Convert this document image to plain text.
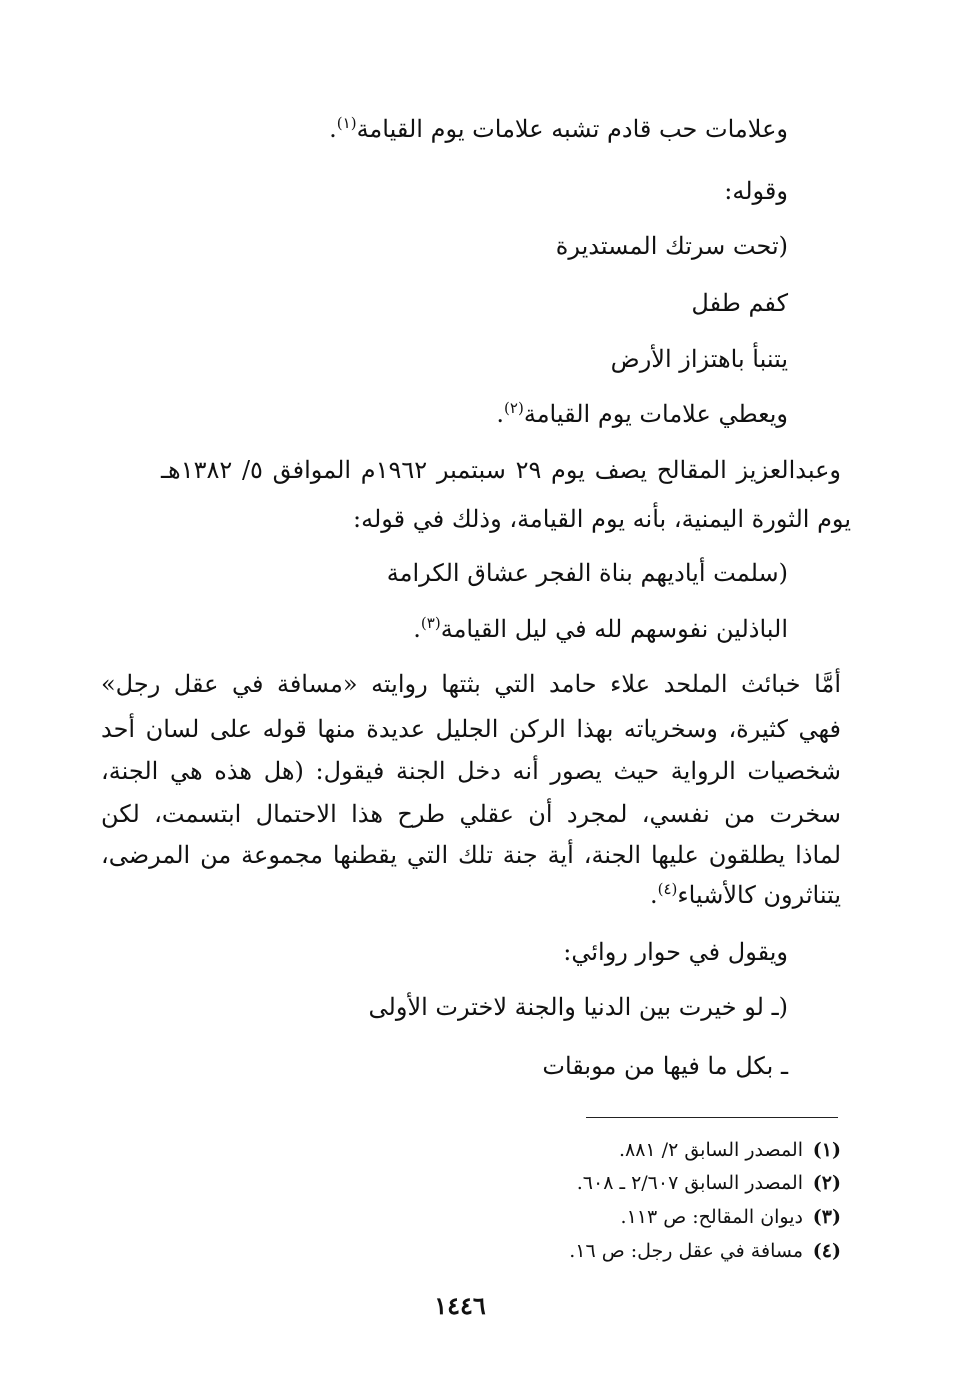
وعلامات حب قادم تشبه علامات يوم القيامة$^{(١)}$.
وقوله:
(تحت سرتك المستديرة
كفم طفل
يتنبأ باهتزاز الأرض
ويعطي علامات يوم القيامة$^{(٢)}$.
وعبدالعزيز المقالح يصف يوم ٢٩ سبتمبر ١٩٦٢م الموافق ٥/ ١٣٨٢هـ
يوم الثورة اليمنية، بأنه يوم القيامة، وذلك في قوله:
(سلمت أياديهم بناة الفجر عشاق الكرامة
الباذلين نفوسهم لله في ليل القيامة$^{(٣)}$.
أمَّا خبائث الملحد علاء حامد التي بثتها روايته «مسافة في عقل رجل»
فهي كثيرة، وسخرياته بهذا الركن الجليل عديدة منها قوله على لسان أحد
شخصيات الرواية حيث يصور أنه دخل الجنة فيقول: (هل هذه هي الجنة،
سخرت من نفسي، لمجرد أن عقلي طرح هذا الاحتمال ابتسمت، لكن
لماذا يطلقون عليها الجنة، أية جنة تلك التي يقطنها مجموعة من المرضى،
يتناثرون كالأشياء$^{(٤)}$.
ويقول في حوار روائي:
(ـ لو خيرت بين الدنيا والجنة لاخترت الأولى
ـ بكل ما فيها من موبقات
(١)المصدر السابق ٢/ ٨٨١.
(٢)المصدر السابق ٢/٦٠٧ ـ ٦٠٨.
(٣)ديوان المقالح: ص ١١٣.
(٤)مسافة في عقل رجل: ص ١٦.
١٤٤٦
